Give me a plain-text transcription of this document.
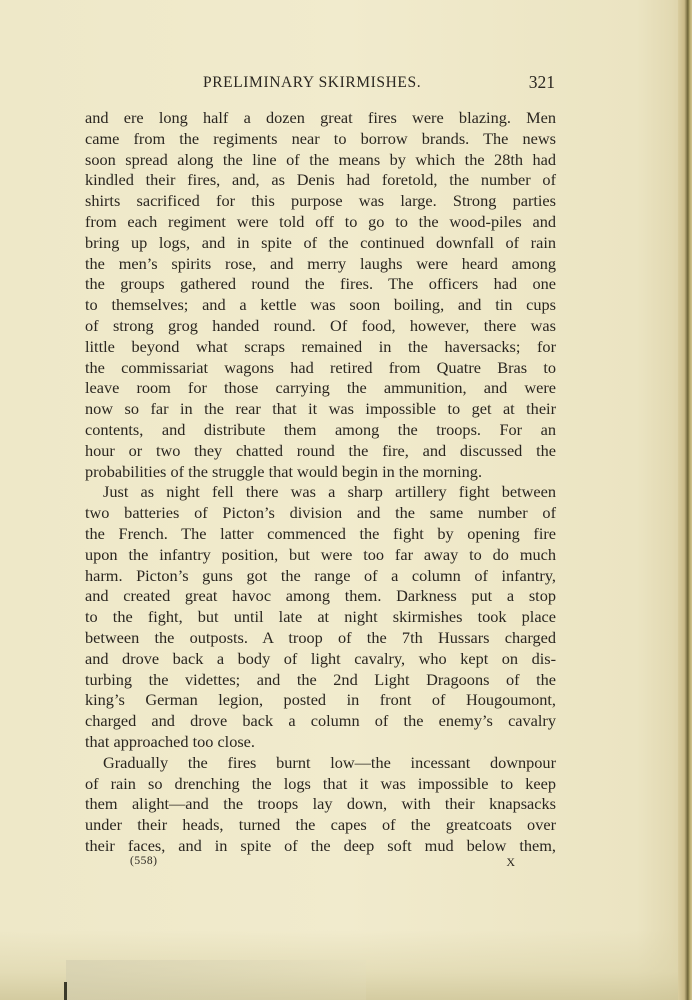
PRELIMINARY SKIRMISHES.	321
and ere long half a dozen great fires were blazing. Men
came from the regiments near to borrow brands. The news
soon spread along the line of the means by which the 28th had
kindled their fires, and, as Denis had foretold, the number of
shirts sacrificed for this purpose was large. Strong parties
from each regiment were told off to go to the wood-piles and
bring up logs, and in spite of the continued downfall of rain
the men’s spirits rose, and merry laughs were heard among
the groups gathered round the fires. The officers had one
to themselves; and a kettle was soon boiling, and tin cups
of strong grog handed round. Of food, however, there was
little beyond what scraps remained in the haversacks; for
the commissariat wagons had retired from Quatre Bras to
leave room for those carrying the ammunition, and were
now so far in the rear that it was impossible to get at their
contents, and distribute them among the troops. For an
hour or two they chatted round the fire, and discussed the
probabilities of the struggle that would begin in the morning.
Just as night fell there was a sharp artillery fight between
two batteries of Picton’s division and the same number of
the French. The latter commenced the fight by opening fire
upon the infantry position, but were too far away to do much
harm. Picton’s guns got the range of a column of infantry,
and created great havoc among them. Darkness put a stop
to the fight, but until late at night skirmishes took place
between the outposts. A troop of the 7th Hussars charged
and drove back a body of light cavalry, who kept on dis-
turbing the videttes; and the 2nd Light Dragoons of the
king’s German legion, posted in front of Hougoumont,
charged and drove back a column of the enemy’s cavalry
that approached too close.
Gradually the fires burnt low—the incessant downpour
of rain so drenching the logs that it was impossible to keep
them alight—and the troops lay down, with their knapsacks
under their heads, turned the capes of the greatcoats over
their faces, and in spite of the deep soft mud below them,
(558)	X
